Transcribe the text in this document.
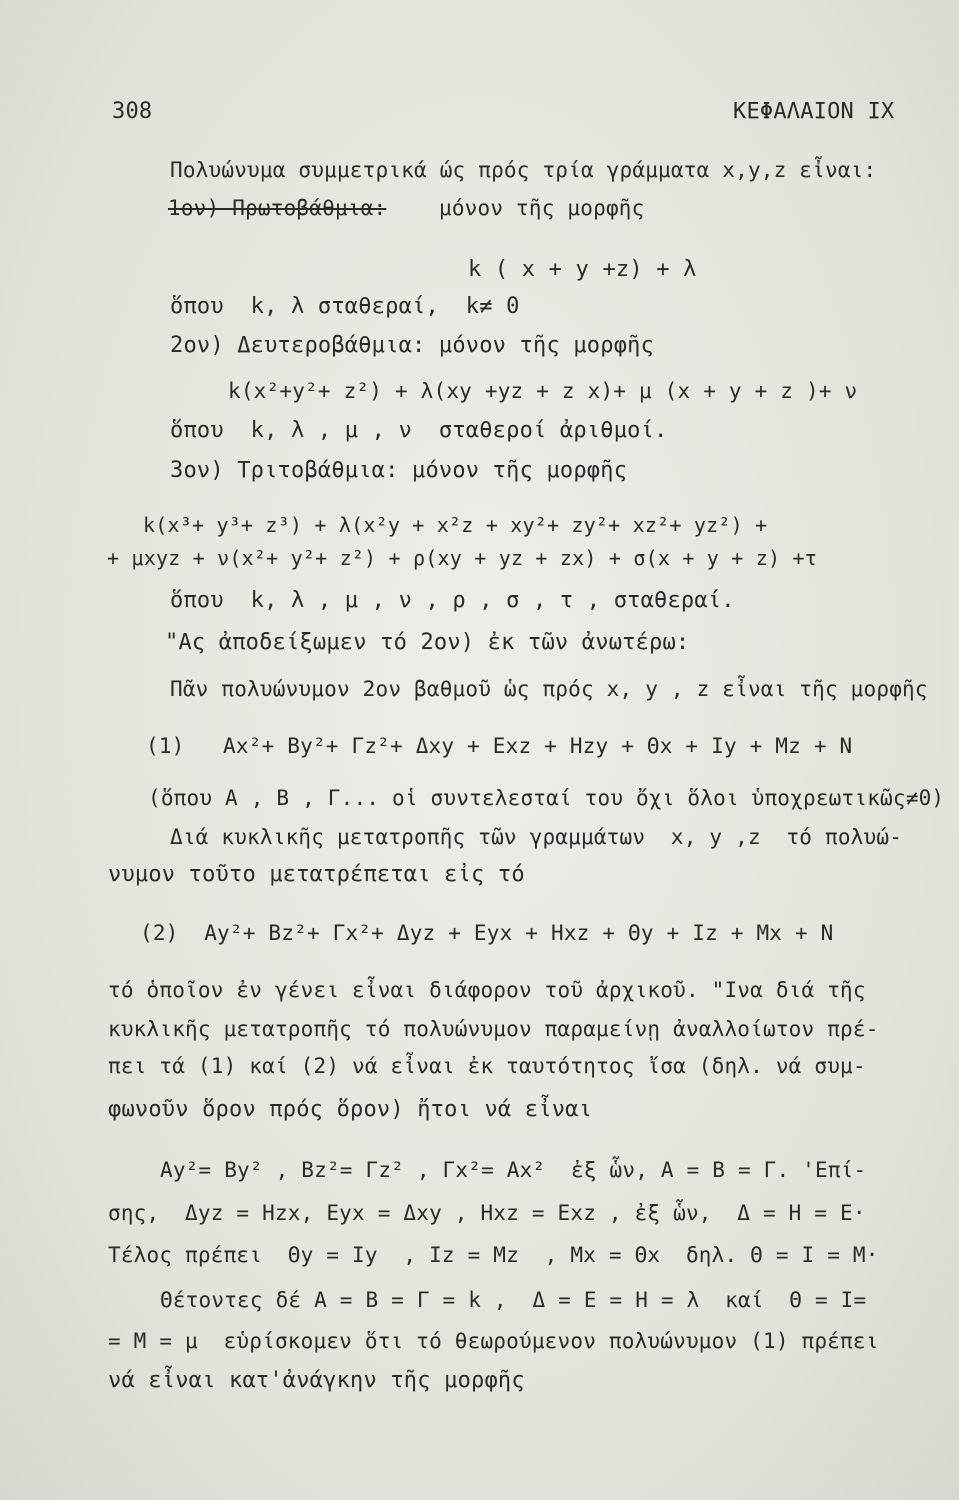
308	ΚΕΦΑΛΑΙΟΝ ΙΧ
Πολυώνυμα συμμετρικά ώς πρός τρία γράμματα x,y,z εἶναι:
1ον) Πρωτοβάθμια:	μόνον τῆς μορφῆς
k ( x + y +z) + λ
ὅπου  k, λ σταθεραί,  k≠ 0
2ον) Δευτεροβάθμια: μόνον τῆς μορφῆς
k(x²+y²+ z²) + λ(xy +yz + z x)+ μ (x + y + z )+ ν
ὅπου  k, λ , μ , ν  σταθεροί ἀριθμοί.
3ον) Τριτοβάθμια: μόνον τῆς μορφῆς
k(x³+ y³+ z³) + λ(x²y + x²z + xy²+ zy²+ xz²+ yz²) +
+ μxyz + ν(x²+ y²+ z²) + ρ(xy + yz + zx) + σ(x + y + z) +τ
ὅπου  k, λ , μ , ν , ρ , σ , τ , σταθεραί.
"Ας ἀποδείξωμεν τό 2ον) ἐκ τῶν ἀνωτέρω:
Πᾶν πολυώνυμον 2ον βαθμοῦ ὡς πρός x, y , z εἶναι τῆς μορφῆς
(1)   Ax²+ By²+ Γz²+ Δxy + Exz + Hzy + Θx + Iy + Mz + N
(ὅπου A , B , Γ... οἱ συντελεσταί του ὄχι ὅλοι ὑποχρεωτικῶς≠0)
Διά κυκλικῆς μετατροπῆς τῶν γραμμάτων  x, y ,z  τό πολυώ-
νυμον τοῦτο μετατρέπεται εἰς τό
(2)  Ay²+ Bz²+ Γx²+ Δyz + Eyx + Hxz + Θy + Iz + Mx + N
τό ὁποῖον ἐν γένει εἶναι διάφορον τοῦ ἀρχικοῦ. "Ινα διά τῆς
κυκλικῆς μετατροπῆς τό πολυώνυμον παραμείνῃ ἀναλλοίωτον πρέ-
πει τά (1) καί (2) νά εἶναι ἐκ ταυτότητος ἴσα (δηλ. νά συμ-
φωνοῦν ὅρον πρός ὅρον) ἤτοι νά εἶναι
Ay²= By² , Bz²= Γz² , Γx²= Ax²  ἐξ ὧν, A = B = Γ. 'Επί-
σης,  Δyz = Hzx, Eyx = Δxy , Hxz = Exz , ἐξ ὧν,  Δ = H = E·
Τέλος πρέπει  Θy = Iy  , Iz = Mz  , Mx = Θx  δηλ. Θ = I = M·
Θέτοντες δέ A = B = Γ = k ,  Δ = E = H = λ  καί  Θ = I=
= M = μ  εὑρίσκομεν ὅτι τό θεωρούμενον πολυώνυμον (1) πρέπει
νά εἶναι κατ'ἀνάγκην τῆς μορφῆς
